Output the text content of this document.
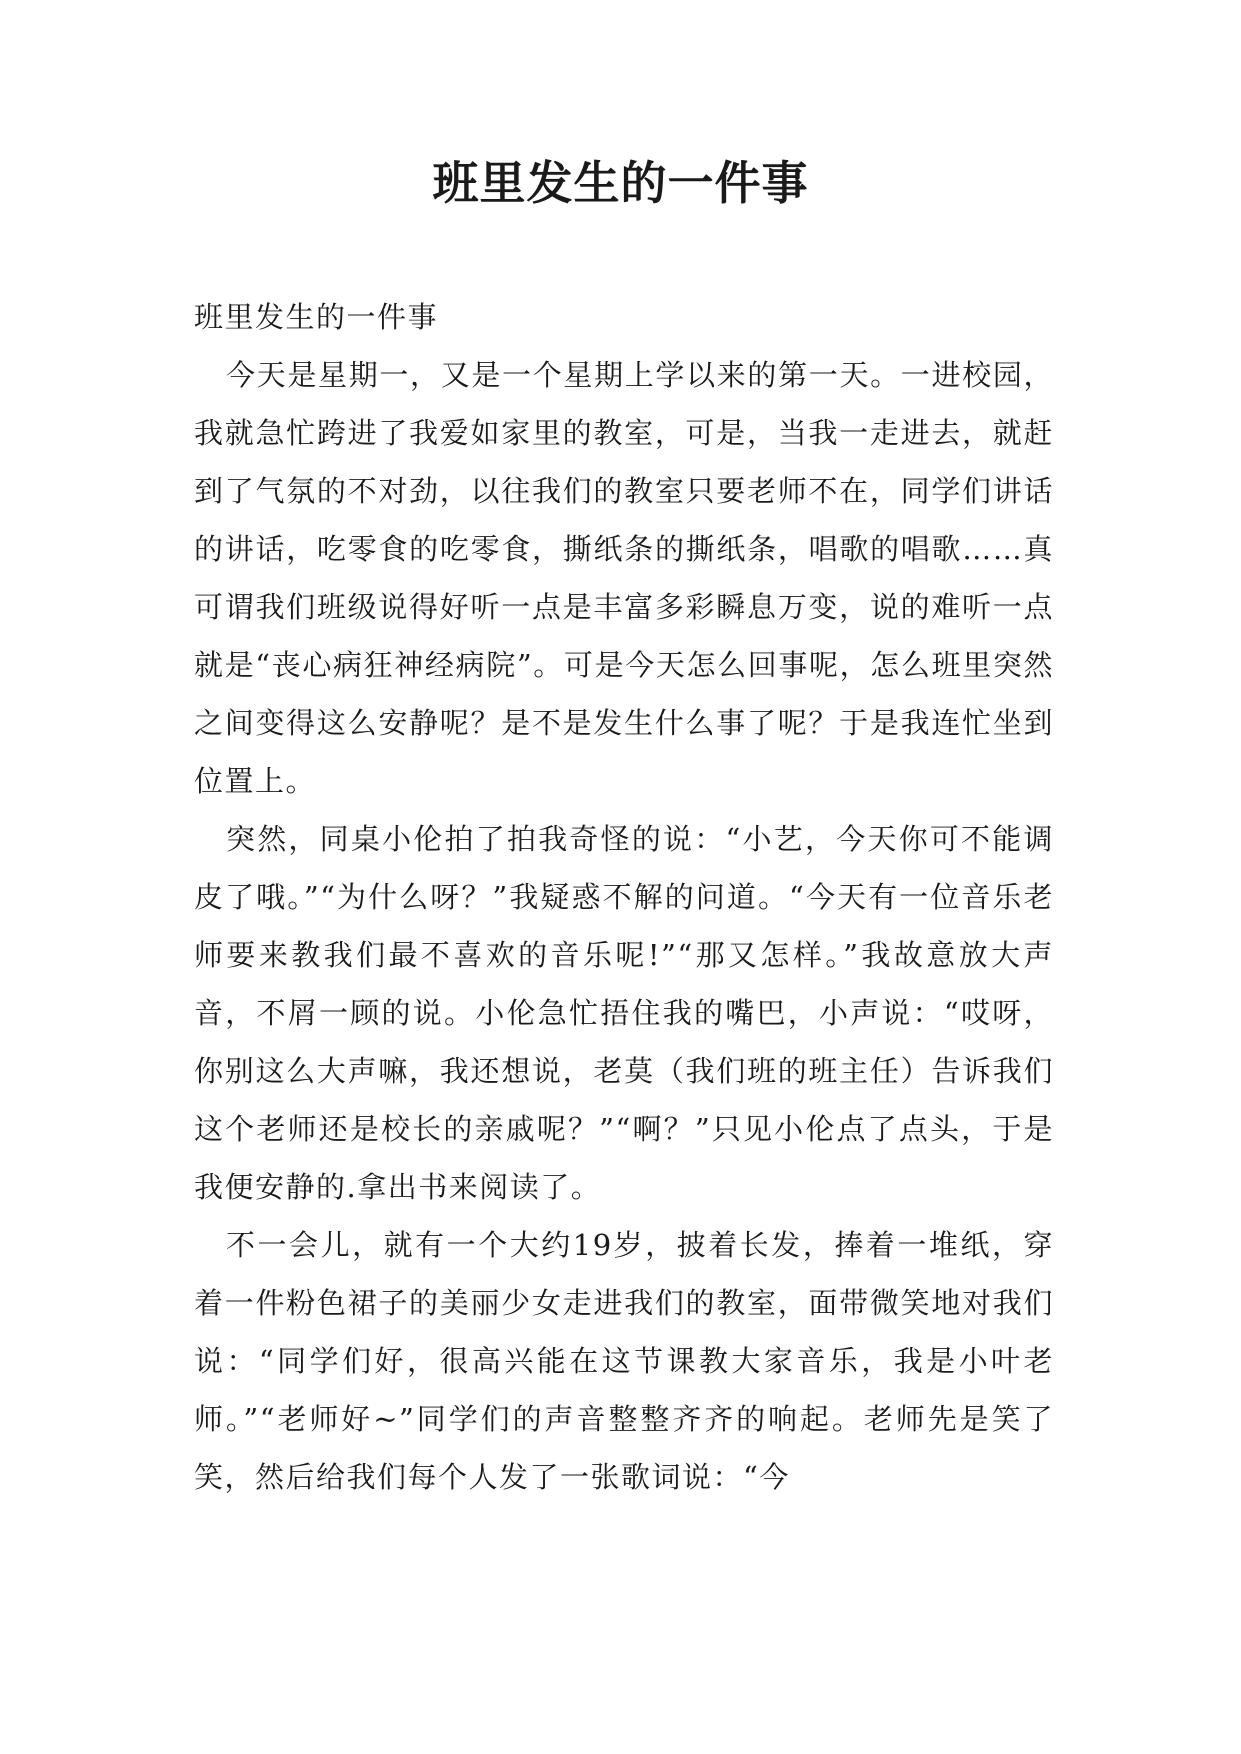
班里发生的一件事

班里发生的一件事

今天是星期一，又是一个星期上学以来的第一天。一进校园，我就急忙跨进了我爱如家里的教室，可是，当我一走进去，就赶到了气氛的不对劲，以往我们的教室只要老师不在，同学们讲话的讲话，吃零食的吃零食，撕纸条的撕纸条，唱歌的唱歌……真可谓我们班级说得好听一点是丰富多彩瞬息万变，说的难听一点就是“丧心病狂神经病院”。可是今天怎么回事呢，怎么班里突然之间变得这么安静呢？是不是发生什么事了呢？于是我连忙坐到位置上。

突然，同桌小伦拍了拍我奇怪的说：“小艺，今天你可不能调皮了哦。”“为什么呀？”我疑惑不解的问道。“今天有一位音乐老师要来教我们最不喜欢的音乐呢!”“那又怎样。”我故意放大声音，不屑一顾的说。小伦急忙捂住我的嘴巴，小声说：“哎呀，你别这么大声嘛，我还想说，老莫（我们班的班主任）告诉我们这个老师还是校长的亲戚呢？”“啊？”只见小伦点了点头，于是我便安静的.拿出书来阅读了。

不一会儿，就有一个大约19岁，披着长发，捧着一堆纸，穿着一件粉色裙子的美丽少女走进我们的教室，面带微笑地对我们说：“同学们好，很高兴能在这节课教大家音乐，我是小叶老师。”“老师好~”同学们的声音整整齐齐的响起。老师先是笑了笑，然后给我们每个人发了一张歌词说：“今
